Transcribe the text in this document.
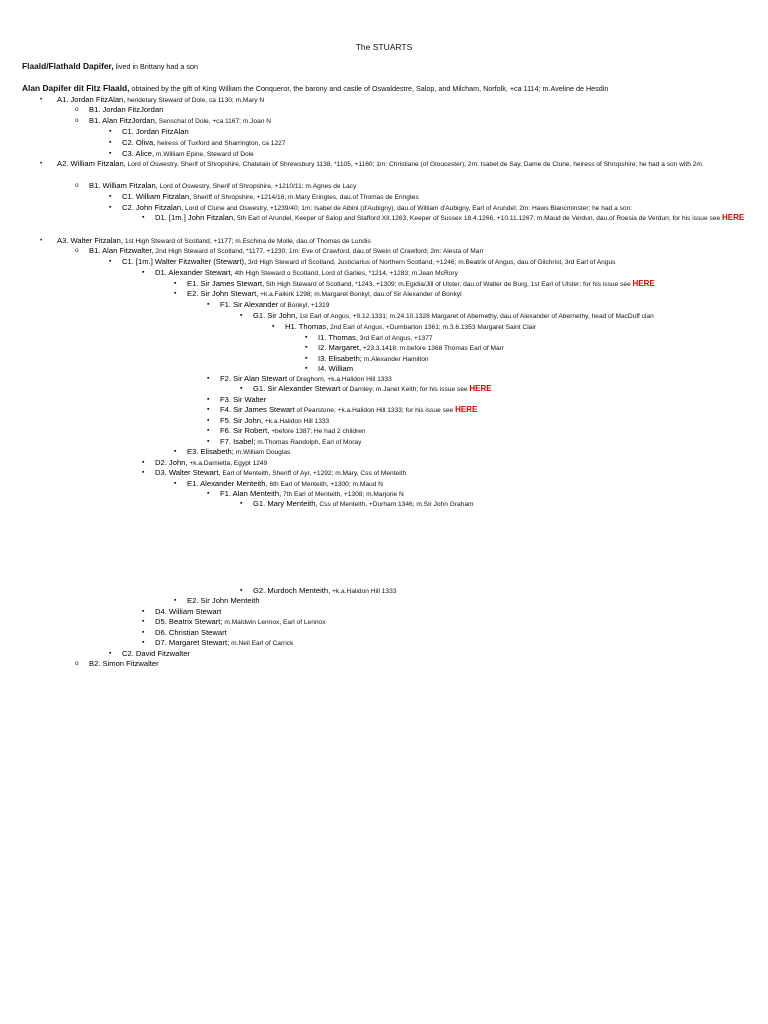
The STUARTS
Flaald/Flathald Dapifer, lived in Brittany had a son
Alan Dapifer dit Fitz Flaald, obtained by the gift of King William the Conqueror, the barony and castle of Oswaldestre, Salop, and Milcham, Norfolk, +ca 1114; m.Aveline de Hesdin
•
A1. Jordan FitzAlan, heridetary Steward of Dole, ca 1130; m.Mary N
o
B1. Jordan FitzJordan
o
B1. Alan FitzJordan, Senschal of Dole, +ca 1167; m.Joan N
▪
C1. Jordan FitzAlan
▪
C2. Oliva, heiress of Tuxford and Sharrington, ca 1227
▪
C3. Alice, m.William Epine, Steward of Dole
•
A2. William Fitzalan, Lord of Oswestry, Sherif of Shropshire, Chatelain of Shrewsbury 1138, *1105, +1160; 1m: Christiane (of Gloucester); 2m: Isabel de Say, Dame de Clune, heiress of Shropshire; he had a son with 2m.
o
B1. William Fitzalan, Lord of Oswestry, Sherif of Shropshire, +1210/11; m.Agnes de Lacy
▪
C1. William Fitzalan, Sheriff of Shropshire, +1214/16; m.Mary Eringtes, dau.of Thomas de Eringtes
▪
C2. John Fitzalan, Lord of Clune and Oswestry, +1239/40; 1m: Isabel de Albini (d'Aubigny), dau.of William d'Aubigny, Earl of Arundel; 2m: Haws Blancminster; he had a son:
▪
D1. [1m.] John Fitzalan, 5th Earl of Arundel, Keeper of Salop and Stafford XII.1263, Keeper of Sussex 18.4.1266, +10.11.1267; m.Maud de Verdun, dau.of Roesia de Verdun; for his issue see HERE
•
A3. Walter Fitzalan, 1st High Steward of Scotland, +1177; m.Eschina de Molle, dau.of Thomas de Lundis
o
B1. Alan Fitzwalter, 2nd High Steward of Scotland, *1177, +1230; 1m: Eve of Crawford, dau.of Swein of Crawford; 2m: Alesta of Marr
▪
C1. [1m.] Walter Fitzwalter (Stewart), 3rd High Steward of Scotland, Justiciarius of Northern Scotland, +1246; m.Beatrix of Angus, dau.of Gilchrist, 3rd Earl of Angus
▪
D1. Alexander Stewart, 4th High Steward o Scotland, Lord of Garlies, *1214, +1283; m.Jean McRory
▪
E1. Sir James Stewart, 5th High Steward of Scotland, *1243, +1309; m.Egidia/Jill of Ulster, dau.of Walter de Burg, 1st Earl of Ulster; for his issue see HERE
▪
E2. Sir John Stewart, +k.a.Falkirk 1298; m.Margaret Bonkyl, dau.of Sir Alexander of Bonkyl
▪
F1. Sir Alexander of Bonkyl, +1319
▪
G1. Sir John, 1st Earl of Angus, +9.12.1331; m.24.10.1328 Margaret of Abernethy, dau.of Alexander of Abernethy, head of MacDuff clan
▪
H1. Thomas, 2nd Earl of Angus, +Dumbarton 1361; m.3.6.1353 Margaret Saint Clair
▪
I1. Thomas, 3rd Earl of Angus, +1377
▪
I2. Margaret, +23.3.1418; m.before 1368 Thomas Earl of Marr
▪
I3. Elisabeth; m.Alexander Hamilton
▪
I4. William
▪
F2. Sir Alan Stewart of Dreghorn, +k.a.Halidon Hill 1333
▪
G1. Sir Alexander Stewart of Darnley; m.Janet Keith; for his issue see HERE
▪
F3. Sir Walter
▪
F4. Sir James Stewart of Pearstone, +k.a.Halidon Hill 1333; for his issue see HERE
▪
F5. Sir John, +k.a.Halidon Hill 1333
▪
F6. Sir Robert, +before 1387; He had 2 children
▪
F7. Isabel; m.Thomas Randolph, Earl of Moray
▪
E3. Elisabeth; m.William Douglas
▪
D2. John, +k.a.Damietta, Egypt 1249
▪
D3. Walter Stewart, Earl of Menteith, Sheriff of Ayr, +1292; m.Mary, Css of Menteith
▪
E1. Alexander Menteith, 6th Earl of Menteith, +1300; m.Maud N
▪
F1. Alan Menteith, 7th Earl of Menteith, +1308; m.Marjorie N
▪
G1. Mary Menteith, Css of Menteith, +Durham 1346; m.Sir John Graham
▪
G2. Murdoch Menteith, +k.a.Halidon Hill 1333
▪
E2. Sir John Menteith
▪
D4. William Stewart
▪
D5. Beatrix Stewart; m.Maldwin Lennox, Earl of Lennox
▪
D6. Christian Stewart
▪
D7. Margaret Stewart; m.Neil Earl of Carrick
▪
C2. David Fitzwalter
o
B2. Simon Fitzwalter
